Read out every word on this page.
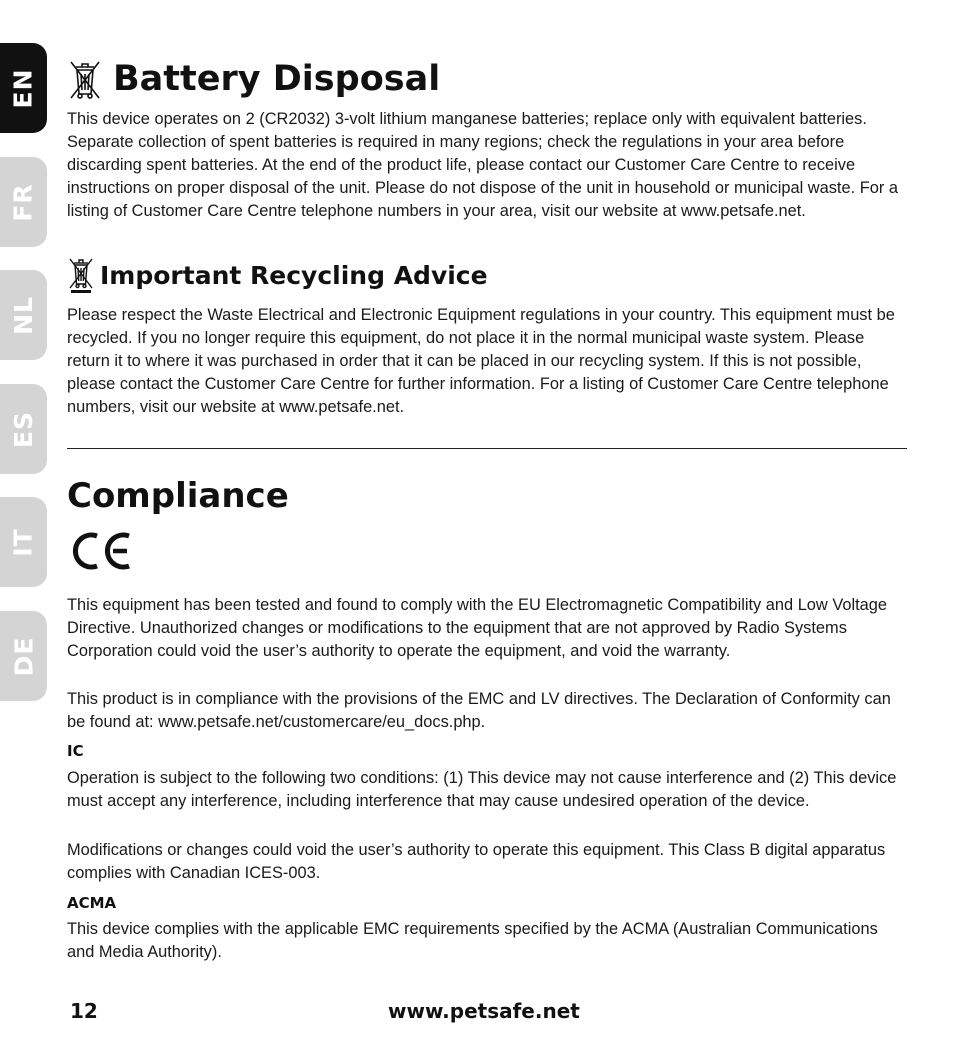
EN
FR
NL
ES
IT
DE
Battery Disposal

This device operates on 2 (CR2032) 3-volt lithium manganese batteries; replace only with equivalent batteries. Separate collection of spent batteries is required in many regions; check the regulations in your area before discarding spent batteries. At the end of the product life, please contact our Customer Care Centre to receive instructions on proper disposal of the unit. Please do not dispose of the unit in household or municipal waste. For a listing of Customer Care Centre telephone numbers in your area, visit our website at www.petsafe.net.

Important Recycling Advice

Please respect the Waste Electrical and Electronic Equipment regulations in your country. This equipment must be recycled. If you no longer require this equipment, do not place it in the normal municipal waste system. Please return it to where it was purchased in order that it can be placed in our recycling system. If this is not possible, please contact the Customer Care Centre for further information. For a listing of Customer Care Centre telephone numbers, visit our website at www.petsafe.net.

Compliance

This equipment has been tested and found to comply with the EU Electromagnetic Compatibility and Low Voltage Directive. Unauthorized changes or modifications to the equipment that are not approved by Radio Systems Corporation could void the user’s authority to operate the equipment, and void the warranty.

This product is in compliance with the provisions of the EMC and LV directives. The Declaration of Conformity can be found at: www.petsafe.net/customercare/eu_docs.php.

IC

Operation is subject to the following two conditions: (1) This device may not cause interference and (2) This device must accept any interference, including interference that may cause undesired operation of the device.

Modifications or changes could void the user’s authority to operate this equipment. This Class B digital apparatus complies with Canadian ICES-003.

ACMA

This device complies with the applicable EMC requirements specified by the ACMA (Australian Communications and Media Authority).

12	www.petsafe.net
